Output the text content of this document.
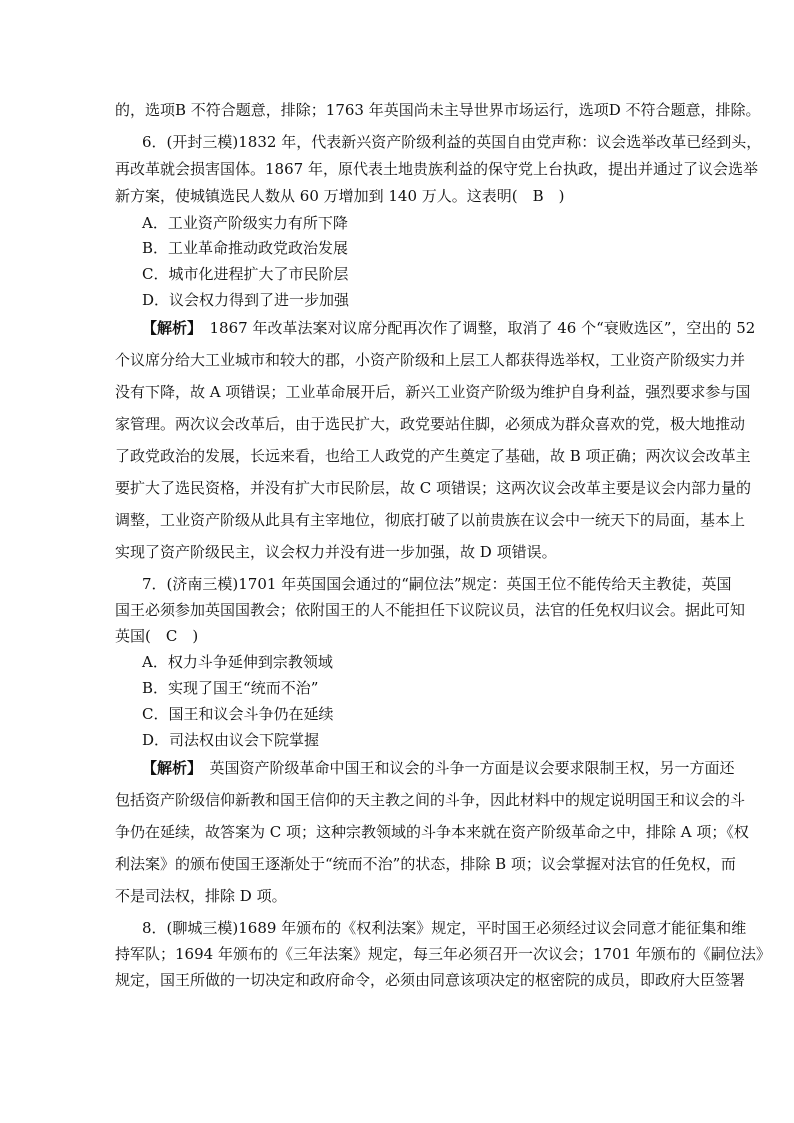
的，选项B 不符合题意，排除；1763 年英国尚未主导世界市场运行，选项D 不符合题意，排除。
6．(开封三模)1832 年，代表新兴资产阶级利益的英国自由党声称：议会选举改革已经到头，
再改革就会损害国体。1867 年，原代表土地贵族利益的保守党上台执政，提出并通过了议会选举
新方案，使城镇选民人数从 60 万增加到 140 万人。这表明(　B　)
A．工业资产阶级实力有所下降
B．工业革命推动政党政治发展
C．城市化进程扩大了市民阶层
D．议会权力得到了进一步加强
【解析】　1867 年改革法案对议席分配再次作了调整，取消了 46 个“衰败选区”，空出的 52
个议席分给大工业城市和较大的郡，小资产阶级和上层工人都获得选举权，工业资产阶级实力并
没有下降，故 A 项错误；工业革命展开后，新兴工业资产阶级为维护自身利益，强烈要求参与国
家管理。两次议会改革后，由于选民扩大，政党要站住脚，必须成为群众喜欢的党，极大地推动
了政党政治的发展，长远来看，也给工人政党的产生奠定了基础，故 B 项正确；两次议会改革主
要扩大了选民资格，并没有扩大市民阶层，故 C 项错误；这两次议会改革主要是议会内部力量的
调整，工业资产阶级从此具有主宰地位，彻底打破了以前贵族在议会中一统天下的局面，基本上
实现了资产阶级民主，议会权力并没有进一步加强，故 D 项错误。
7．(济南三模)1701 年英国国会通过的“嗣位法”规定：英国王位不能传给天主教徒，英国
国王必须参加英国国教会；依附国王的人不能担任下议院议员，法官的任免权归议会。据此可知
英国(　C　)
A．权力斗争延伸到宗教领域
B．实现了国王“统而不治”
C．国王和议会斗争仍在延续
D．司法权由议会下院掌握
【解析】　英国资产阶级革命中国王和议会的斗争一方面是议会要求限制王权，另一方面还
包括资产阶级信仰新教和国王信仰的天主教之间的斗争，因此材料中的规定说明国王和议会的斗
争仍在延续，故答案为 C 项；这种宗教领域的斗争本来就在资产阶级革命之中，排除 A 项；《权
利法案》的颁布使国王逐渐处于“统而不治”的状态，排除 B 项；议会掌握对法官的任免权，而
不是司法权，排除 D 项。
8．(聊城三模)1689 年颁布的《权利法案》规定，平时国王必须经过议会同意才能征集和维
持军队；1694 年颁布的《三年法案》规定，每三年必须召开一次议会；1701 年颁布的《嗣位法》
规定，国王所做的一切决定和政府命令，必须由同意该项决定的枢密院的成员，即政府大臣签署
